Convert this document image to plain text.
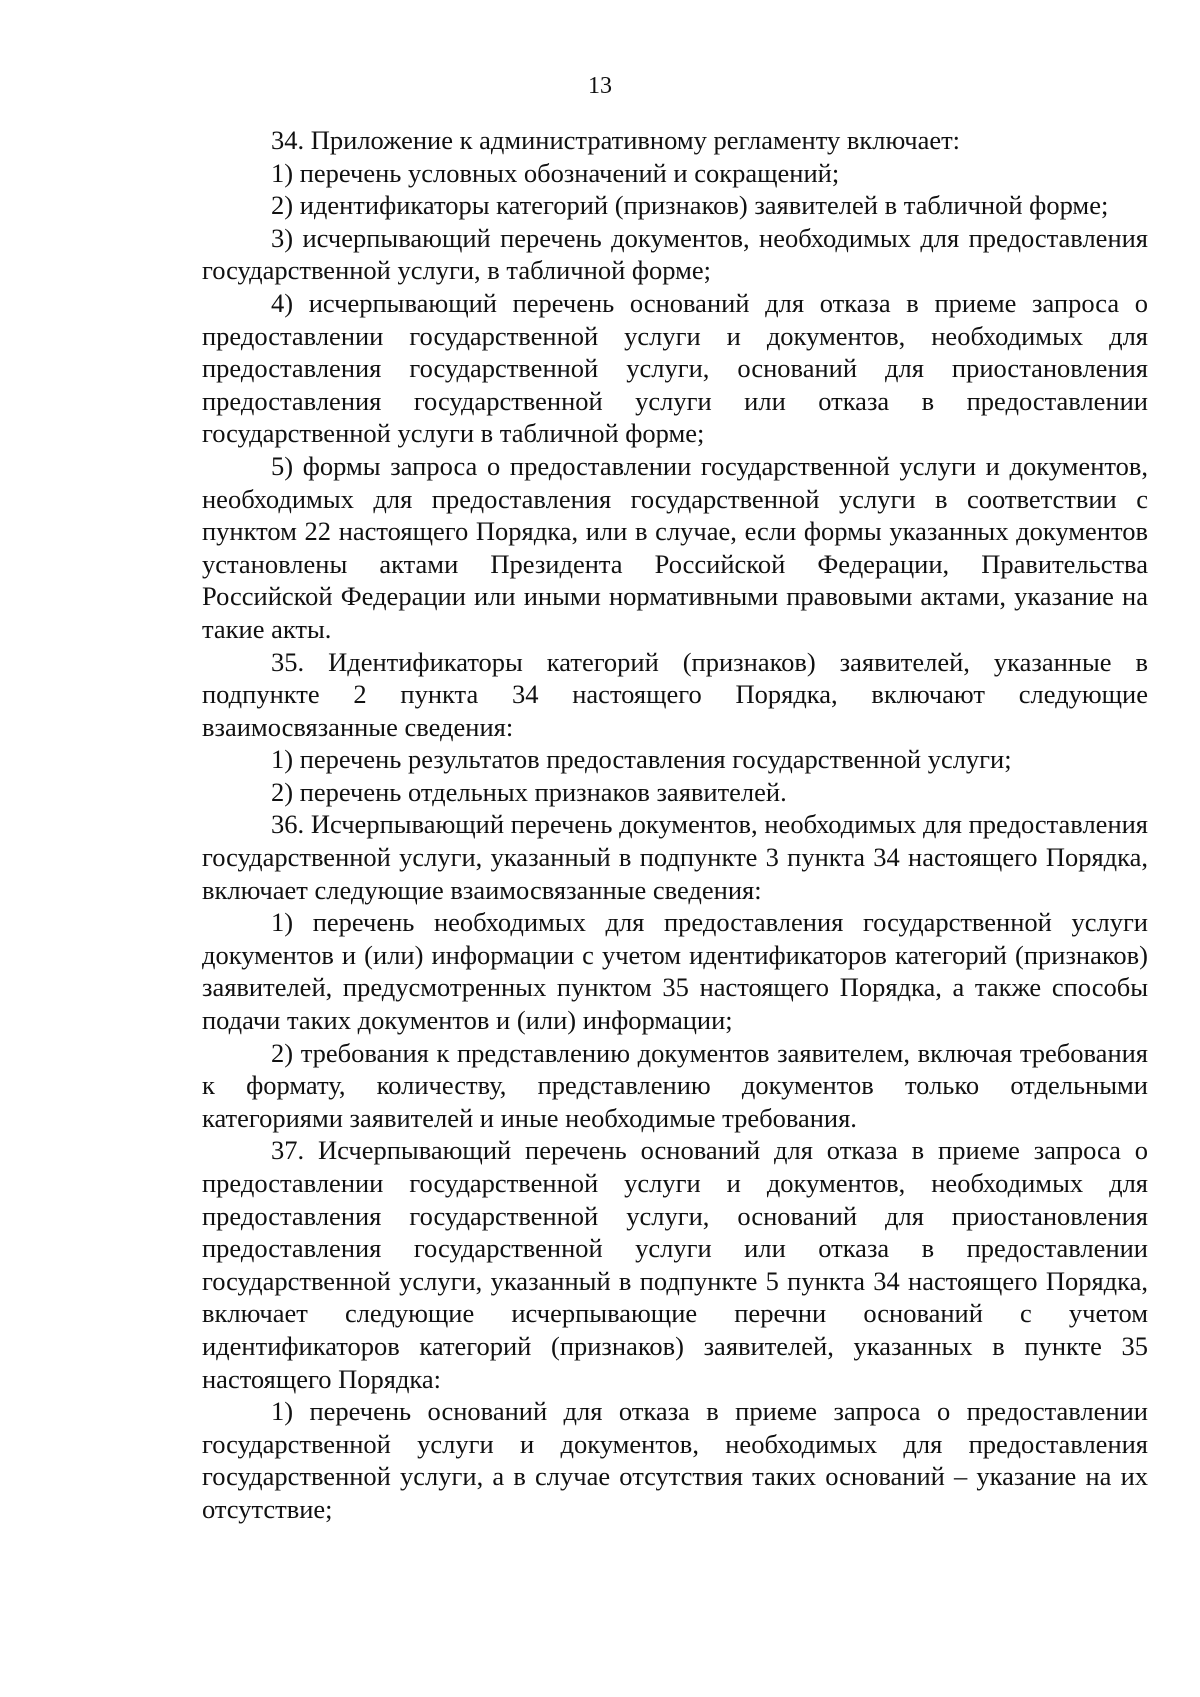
13

34. Приложение к административному регламенту включает:

1) перечень условных обозначений и сокращений;

2) идентификаторы категорий (признаков) заявителей в табличной форме;

3) исчерпывающий перечень документов, необходимых для предоставления государственной услуги, в табличной форме;

4) исчерпывающий перечень оснований для отказа в приеме запроса о предоставлении государственной услуги и документов, необходимых для предоставления государственной услуги, оснований для приостановления предоставления государственной услуги или отказа в предоставлении государственной услуги в табличной форме;

5) формы запроса о предоставлении государственной услуги и документов, необходимых для предоставления государственной услуги в соответствии с пунктом 22 настоящего Порядка, или в случае, если формы указанных документов установлены актами Президента Российской Федерации, Правительства Российской Федерации или иными нормативными правовыми актами, указание на такие акты.

35. Идентификаторы категорий (признаков) заявителей, указанные в подпункте 2 пункта 34 настоящего Порядка, включают следующие взаимосвязанные сведения:

1) перечень результатов предоставления государственной услуги;

2) перечень отдельных признаков заявителей.

36. Исчерпывающий перечень документов, необходимых для предоставления государственной услуги, указанный в подпункте 3 пункта 34 настоящего Порядка, включает следующие взаимосвязанные сведения:

1) перечень необходимых для предоставления государственной услуги документов и (или) информации с учетом идентификаторов категорий (признаков) заявителей, предусмотренных пунктом 35 настоящего Порядка, а также способы подачи таких документов и (или) информации;

2) требования к представлению документов заявителем, включая требования к формату, количеству, представлению документов только отдельными категориями заявителей и иные необходимые требования.

37. Исчерпывающий перечень оснований для отказа в приеме запроса о предоставлении государственной услуги и документов, необходимых для предоставления государственной услуги, оснований для приостановления предоставления государственной услуги или отказа в предоставлении государственной услуги, указанный в подпункте 5 пункта 34 настоящего Порядка, включает следующие исчерпывающие перечни оснований с учетом идентификаторов категорий (признаков) заявителей, указанных в пункте 35 настоящего Порядка:

1) перечень оснований для отказа в приеме запроса о предоставлении государственной услуги и документов, необходимых для предоставления государственной услуги, а в случае отсутствия таких оснований – указание на их отсутствие;
